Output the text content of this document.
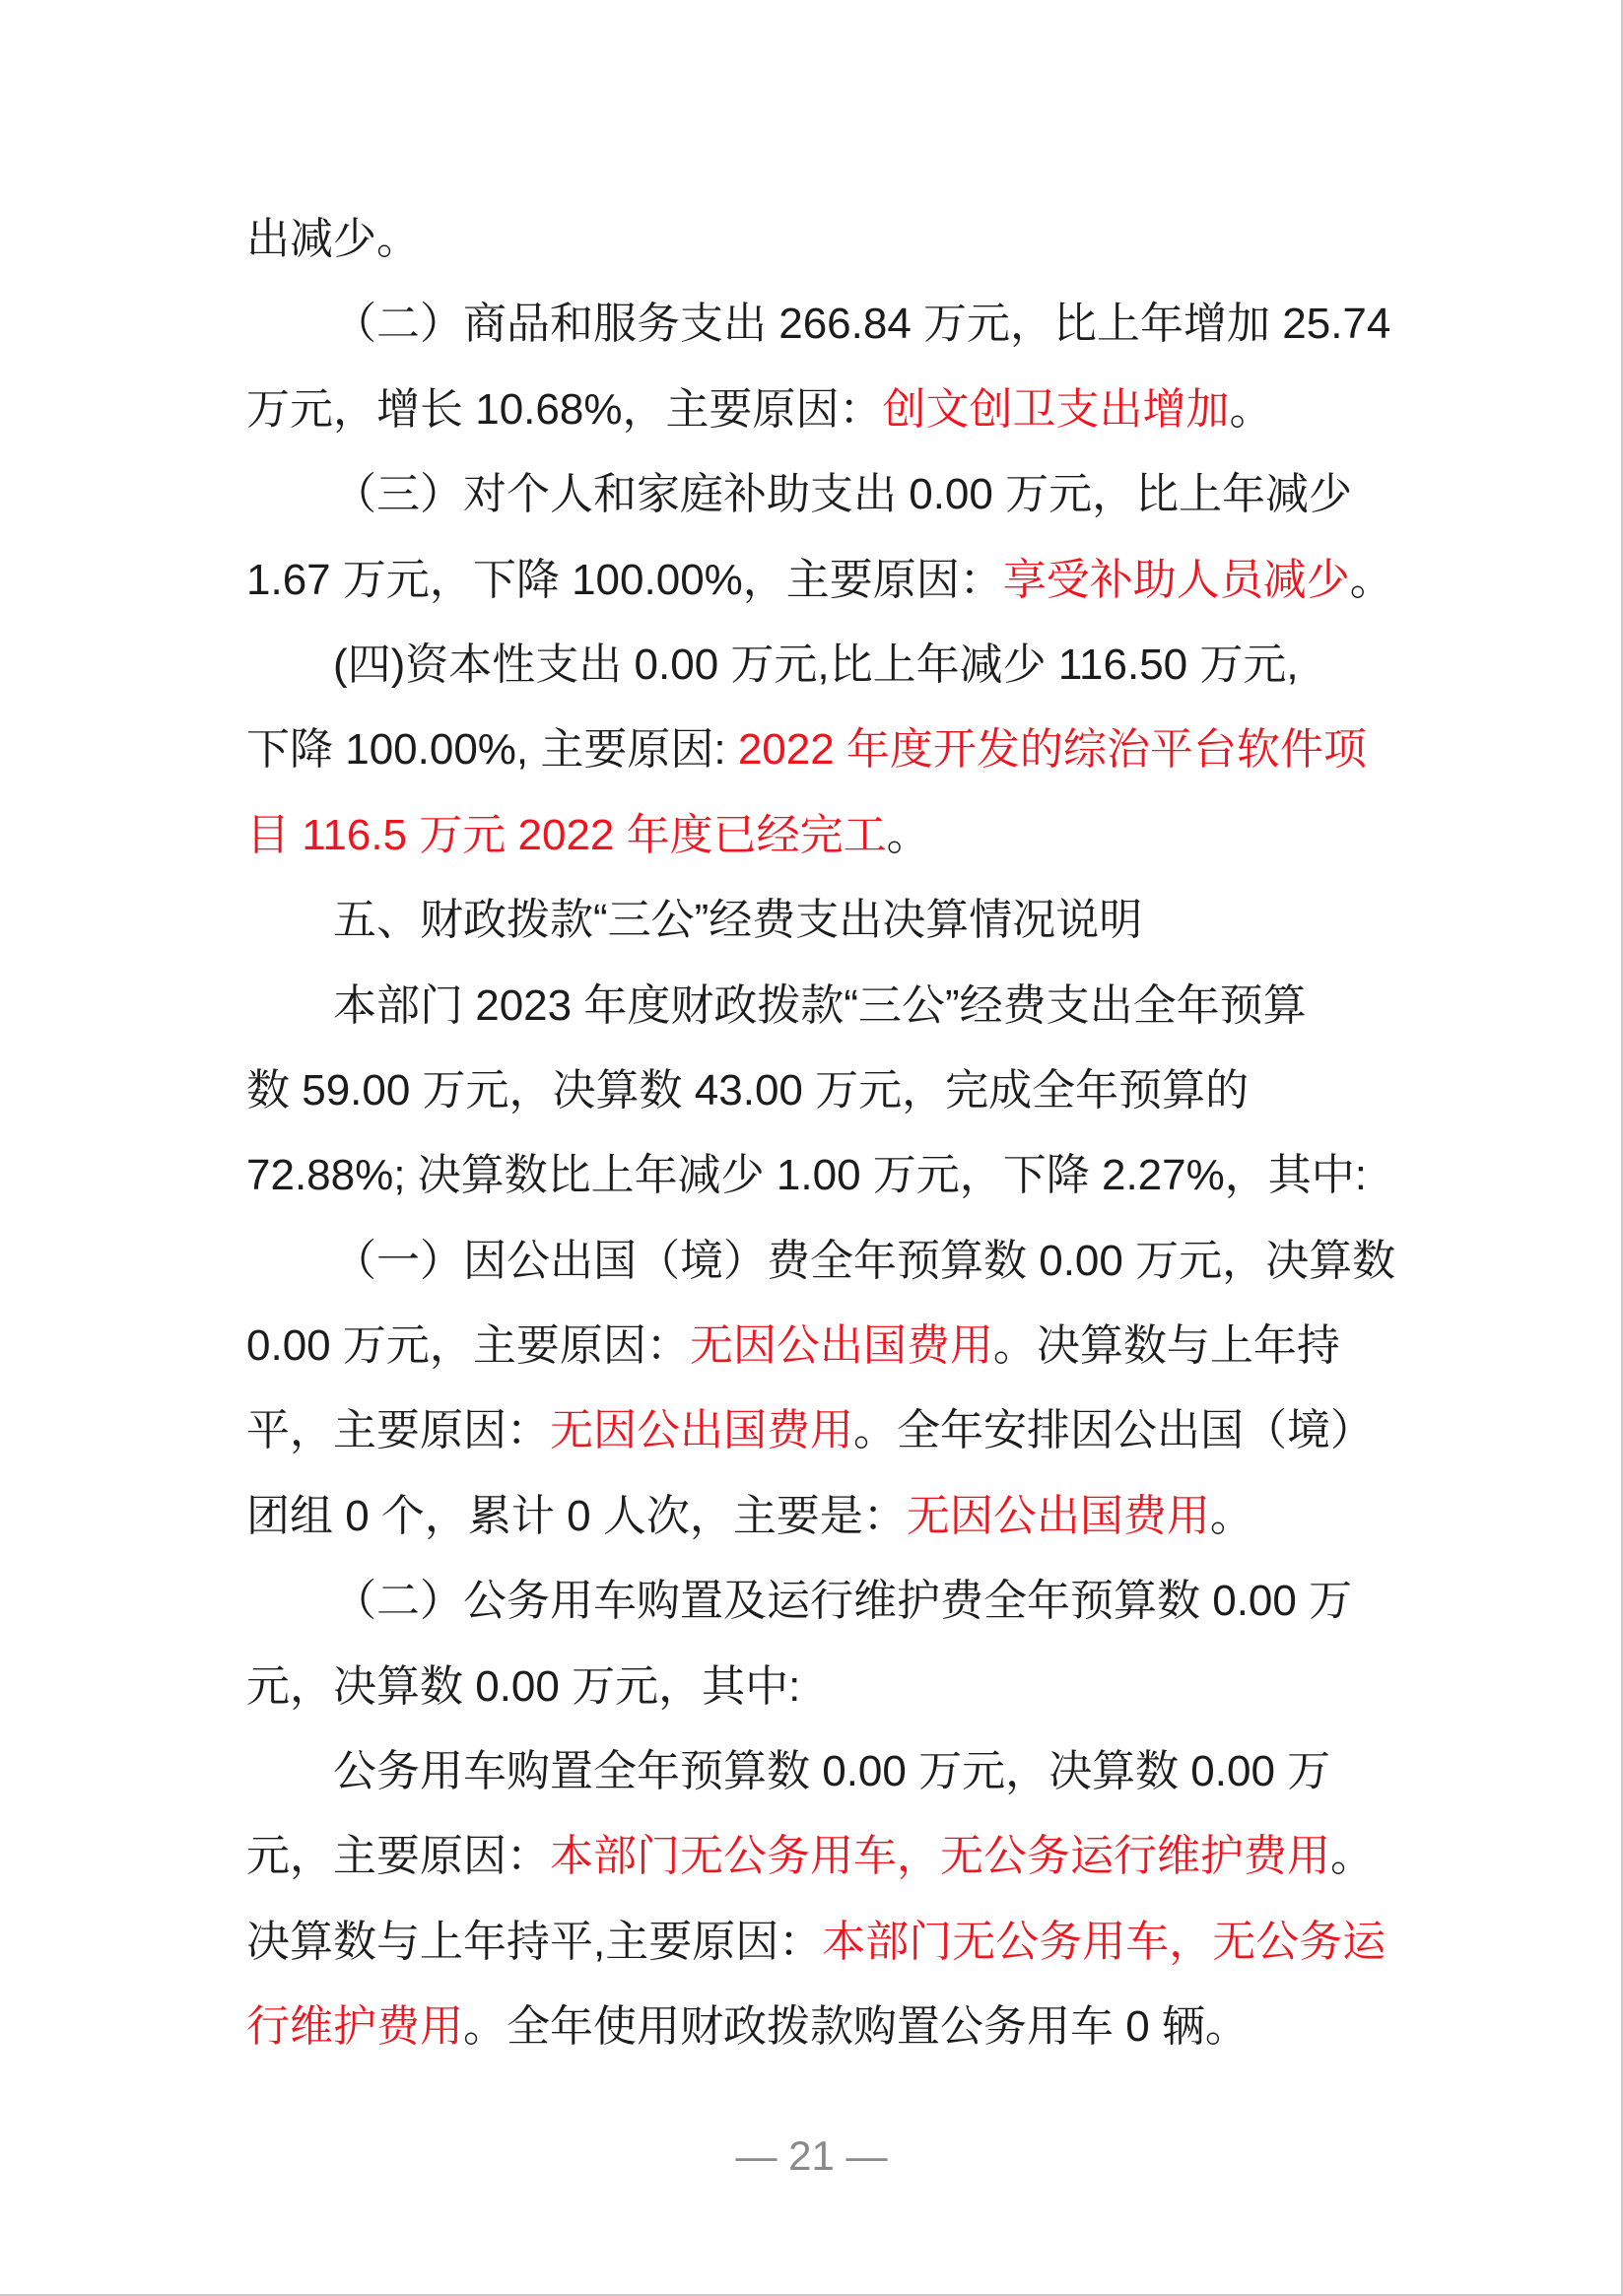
出减少。
（二）商品和服务支出 266.84 万元，比上年增加 25.74
万元，增长 10.68%，主要原因：创文创卫支出增加。
（三）对个人和家庭补助支出 0.00 万元，比上年减少
1.67 万元，下降 100.00%，主要原因：享受补助人员减少。
(四)资本性支出 0.00 万元,比上年减少 116.50 万元,
下降 100.00%, 主要原因: 2022 年度开发的综治平台软件项
目 116.5 万元 2022 年度已经完工。
五、财政拨款“三公”经费支出决算情况说明
本部门 2023 年度财政拨款“三公”经费支出全年预算
数 59.00 万元，决算数 43.00 万元，完成全年预算的
72.88%; 决算数比上年减少 1.00 万元，下降 2.27%，其中:
（一）因公出国（境）费全年预算数 0.00 万元，决算数
0.00 万元，主要原因：无因公出国费用。决算数与上年持
平，主要原因：无因公出国费用。全年安排因公出国（境）
团组 0 个，累计 0 人次，主要是：无因公出国费用。
（二）公务用车购置及运行维护费全年预算数 0.00 万
元，决算数 0.00 万元，其中:
公务用车购置全年预算数 0.00 万元，决算数 0.00 万
元，主要原因：本部门无公务用车，无公务运行维护费用。
决算数与上年持平,主要原因：本部门无公务用车，无公务运
行维护费用。全年使用财政拨款购置公务用车 0 辆。
— 21 —
